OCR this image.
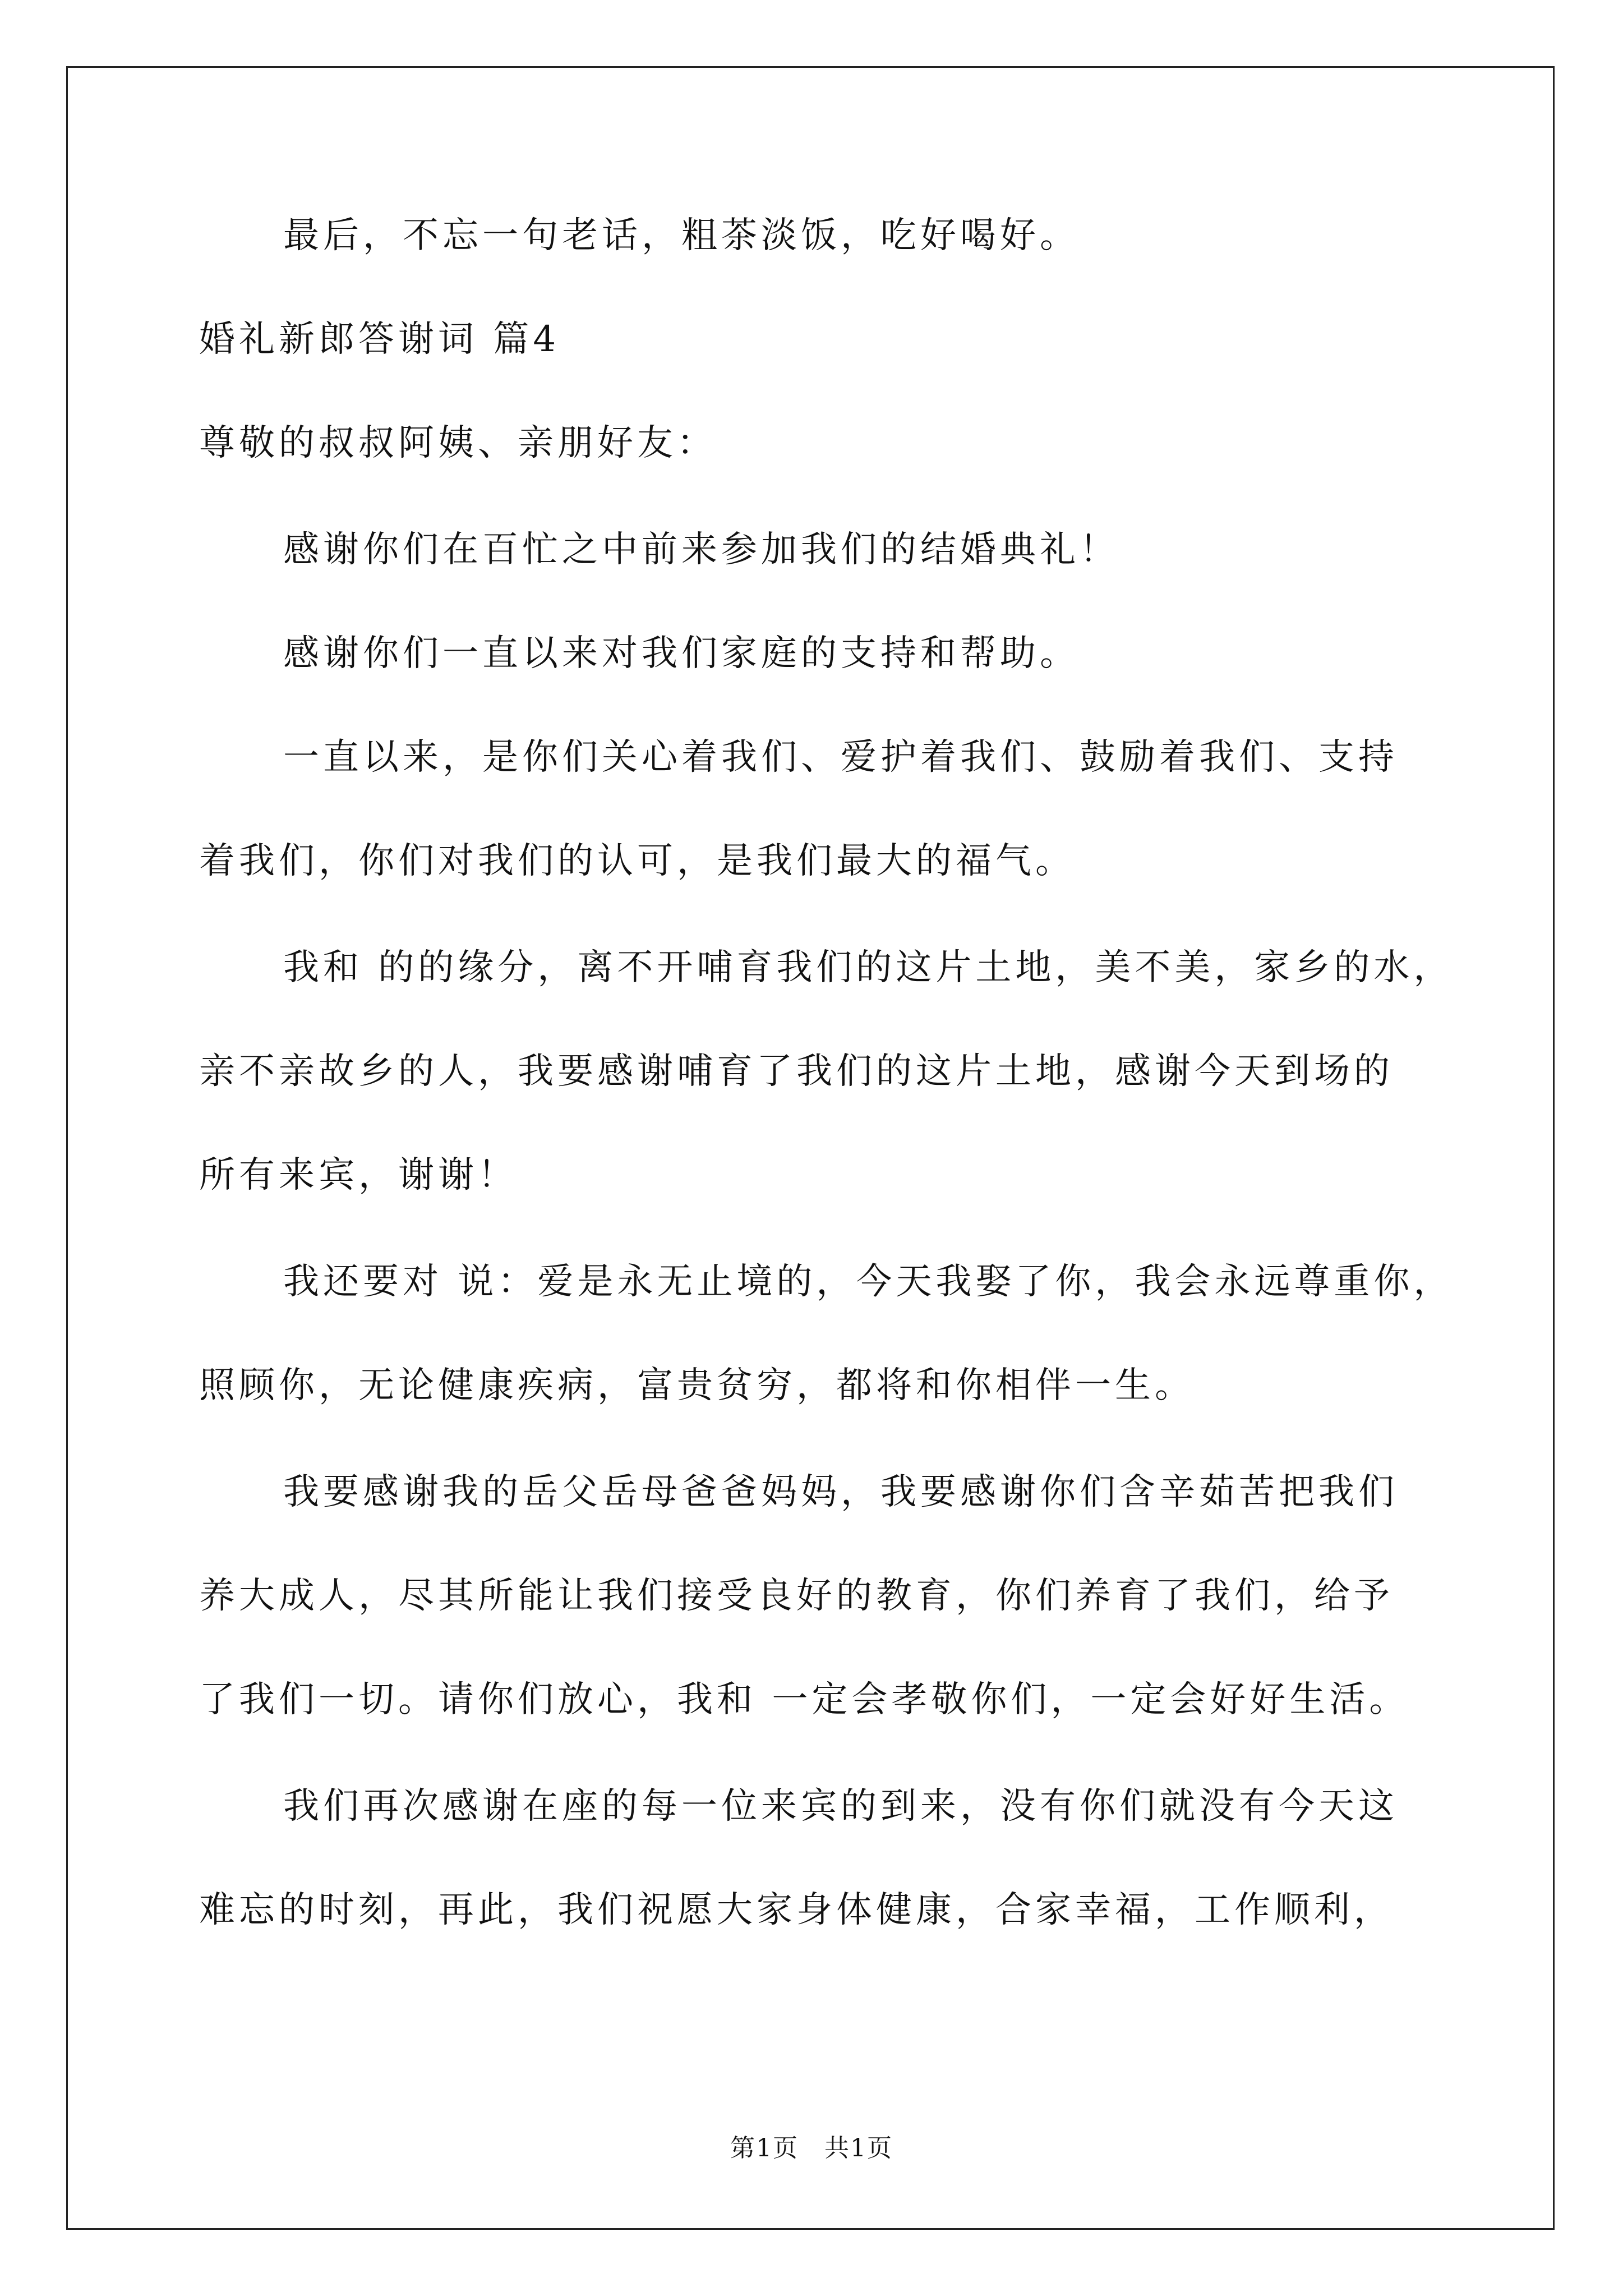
最后，不忘一句老话，粗茶淡饭，吃好喝好。
婚礼新郎答谢词 篇4
尊敬的叔叔阿姨、亲朋好友：
感谢你们在百忙之中前来参加我们的结婚典礼！
感谢你们一直以来对我们家庭的支持和帮助。
一直以来，是你们关心着我们、爱护着我们、鼓励着我们、支持
着我们，你们对我们的认可，是我们最大的福气。
我和 的的缘分，离不开哺育我们的这片土地，美不美，家乡的水，
亲不亲故乡的人，我要感谢哺育了我们的这片土地，感谢今天到场的
所有来宾，谢谢！
我还要对 说：爱是永无止境的，今天我娶了你，我会永远尊重你，
照顾你，无论健康疾病，富贵贫穷，都将和你相伴一生。
我要感谢我的岳父岳母爸爸妈妈，我要感谢你们含辛茹苦把我们
养大成人，尽其所能让我们接受良好的教育，你们养育了我们，给予
了我们一切。请你们放心，我和 一定会孝敬你们，一定会好好生活。
我们再次感谢在座的每一位来宾的到来，没有你们就没有今天这
难忘的时刻，再此，我们祝愿大家身体健康，合家幸福，工作顺利，
第1页　共1页
